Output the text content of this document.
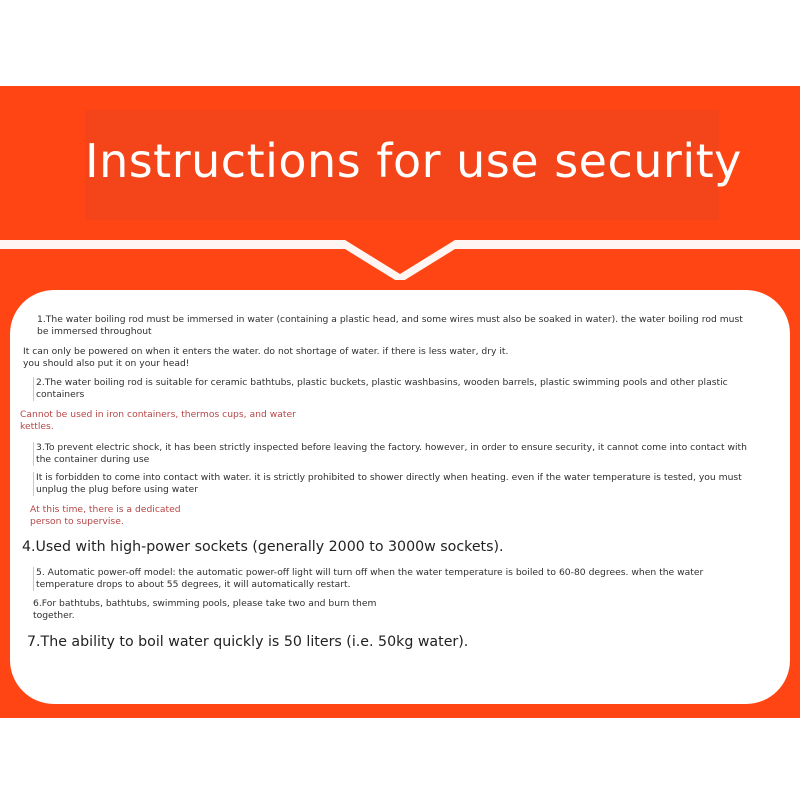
Instructions for use security
1.The water boiling rod must be immersed in water (containing a plastic head, and some wires must also be soaked in water). the water boiling rod must
be immersed throughout
It can only be powered on when it enters the water. do not shortage of water. if there is less water, dry it.
you should also put it on your head!
2.The water boiling rod is suitable for ceramic bathtubs, plastic buckets, plastic washbasins, wooden barrels, plastic swimming pools and other plastic
containers
Cannot be used in iron containers, thermos cups, and water
kettles.
3.To prevent electric shock, it has been strictly inspected before leaving the factory. however, in order to ensure security, it cannot come into contact with
the container during use
It is forbidden to come into contact with water. it is strictly prohibited to shower directly when heating. even if the water temperature is tested, you must
unplug the plug before using water
At this time, there is a dedicated
person to supervise.
4.Used with high-power sockets (generally 2000 to 3000w sockets).
5. Automatic power-off model: the automatic power-off light will turn off when the water temperature is boiled to 60-80 degrees. when the water
temperature drops to about 55 degrees, it will automatically restart.
6.For bathtubs, bathtubs, swimming pools, please take two and burn them
together.
7.The ability to boil water quickly is 50 liters (i.e. 50kg water).
